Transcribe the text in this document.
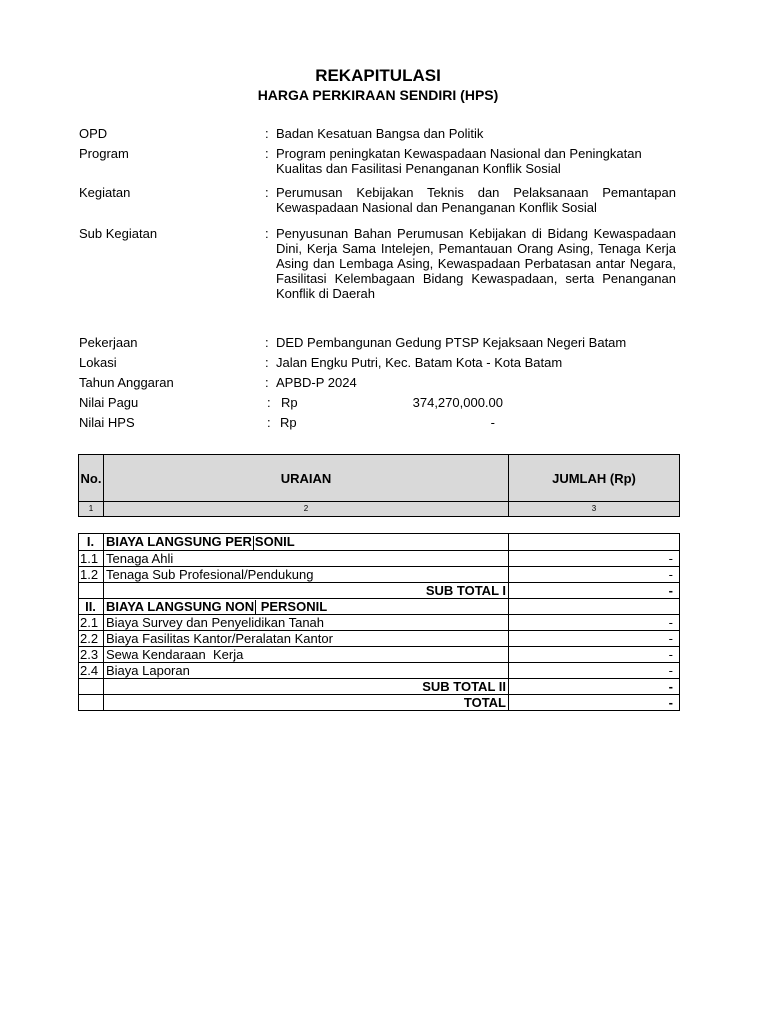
REKAPITULASI
HARGA PERKIRAAN SENDIRI (HPS)
OPD	: Badan Kesatuan Bangsa dan Politik
Program	: Program peningkatan Kewaspadaan Nasional dan Peningkatan Kualitas dan Fasilitasi Penanganan Konflik Sosial
Kegiatan	: Perumusan Kebijakan Teknis dan Pelaksanaan Pemantapan Kewaspadaan Nasional dan Penanganan Konflik Sosial
Sub Kegiatan	: Penyusunan Bahan Perumusan Kebijakan di Bidang Kewaspadaan Dini, Kerja Sama Intelejen, Pemantauan Orang Asing, Tenaga Kerja Asing dan Lembaga Asing, Kewaspadaan Perbatasan antar Negara, Fasilitasi Kelembagaan Bidang Kewaspadaan, serta Penanganan Konflik di Daerah
Pekerjaan	: DED Pembangunan Gedung PTSP Kejaksaan Negeri Batam
Lokasi	: Jalan Engku Putri, Kec. Batam Kota - Kota Batam
Tahun Anggaran	: APBD-P 2024
Nilai Pagu	: Rp	374,270,000.00
Nilai HPS	: Rp	-
No.	URAIAN	JUMLAH (Rp)
1	2	3
I.	BIAYA LANGSUNG PER SONIL	
1.1	Tenaga Ahli	-
1.2	Tenaga Sub Profesional/Pendukung	-
	SUB TOTAL I	-
II.	BIAYA LANGSUNG NON PERSONIL	
2.1	Biaya Survey dan Penyelidikan Tanah	-
2.2	Biaya Fasilitas Kantor/Peralatan Kantor	-
2.3	Sewa Kendaraan  Kerja	-
2.4	Biaya Laporan	-
	SUB TOTAL II	-
	TOTAL	-
